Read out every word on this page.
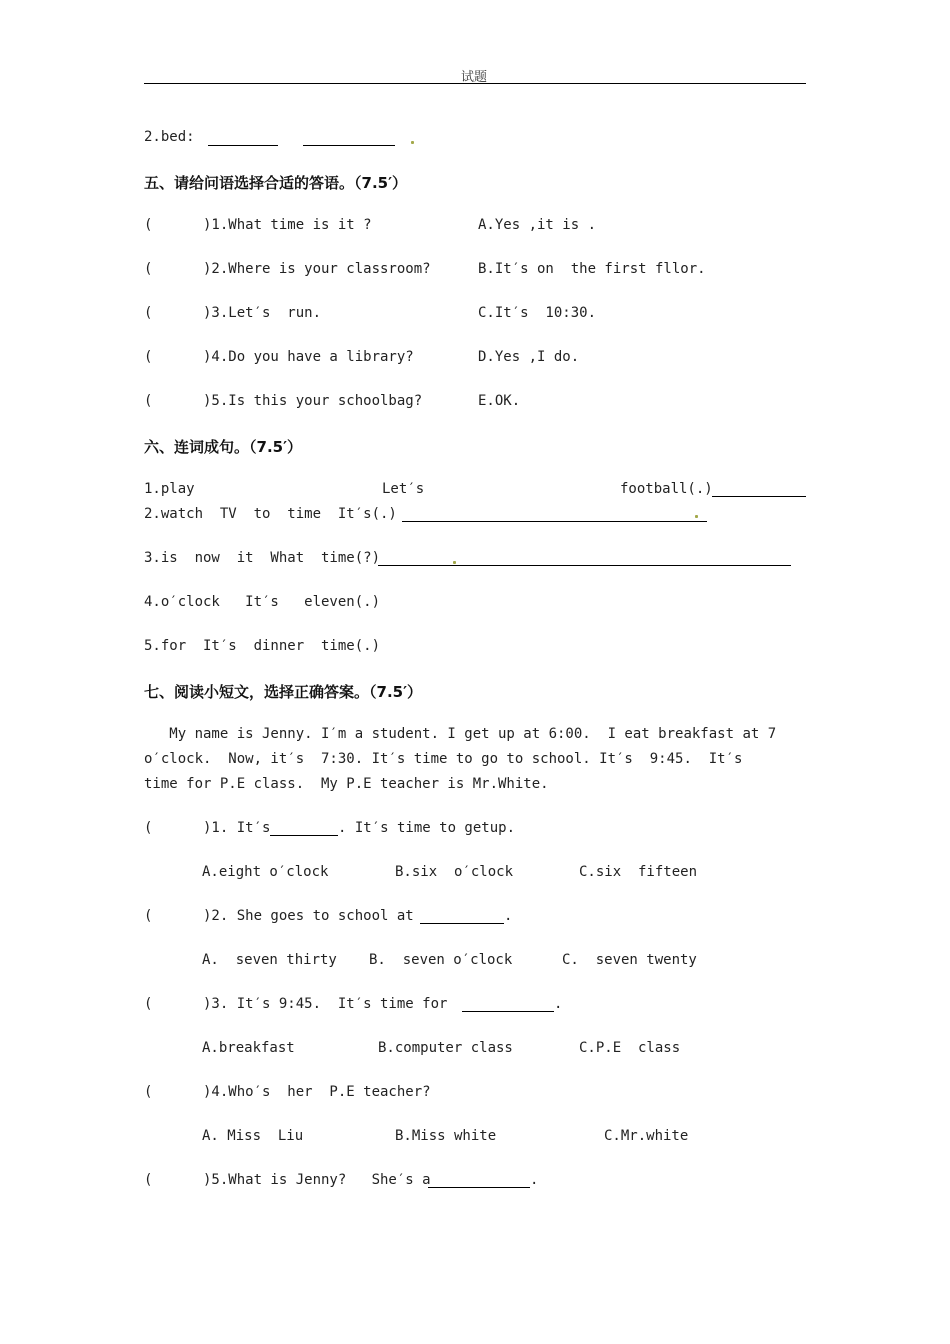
试题
2.bed:
五、请给问语选择合适的答语。（7.5′）
(      )1.What time is it ?	A.Yes ,it is .
(      )2.Where is your classroom?	B.It′s on  the first fllor.
(      )3.Let′s  run.	C.It′s  10:30.
(      )4.Do you have a library?	D.Yes ,I do.
(      )5.Is this your schoolbag?	E.OK.
六、连词成句。（7.5′）
1.play	Let′s	football(.)
2.watch  TV  to  time  It′s(.)
3.is  now  it  What  time(?)
4.o′clock   It′s   eleven(.)
5.for  It′s  dinner  time(.)
七、阅读小短文，选择正确答案。（7.5′）
My name is Jenny. I′m a student. I get up at 6:00.  I eat breakfast at 7
o′clock.  Now, it′s  7:30. It′s time to go to school. It′s  9:45.  It′s
time for P.E class.  My P.E teacher is Mr.White.
(      )1. It′s	. It′s time to getup.
A.eight o′clock	B.six  o′clock	C.six  fifteen
(      )2. She goes to school at	.
A.  seven thirty B.  seven o′clock	C.  seven twenty
(      )3. It′s 9:45.  It′s time for	.
A.breakfast	B.computer class	C.P.E  class
(      )4.Who′s  her  P.E teacher?
A. Miss  Liu	B.Miss white	C.Mr.white
(      )5.What is Jenny?   She′s a	.
